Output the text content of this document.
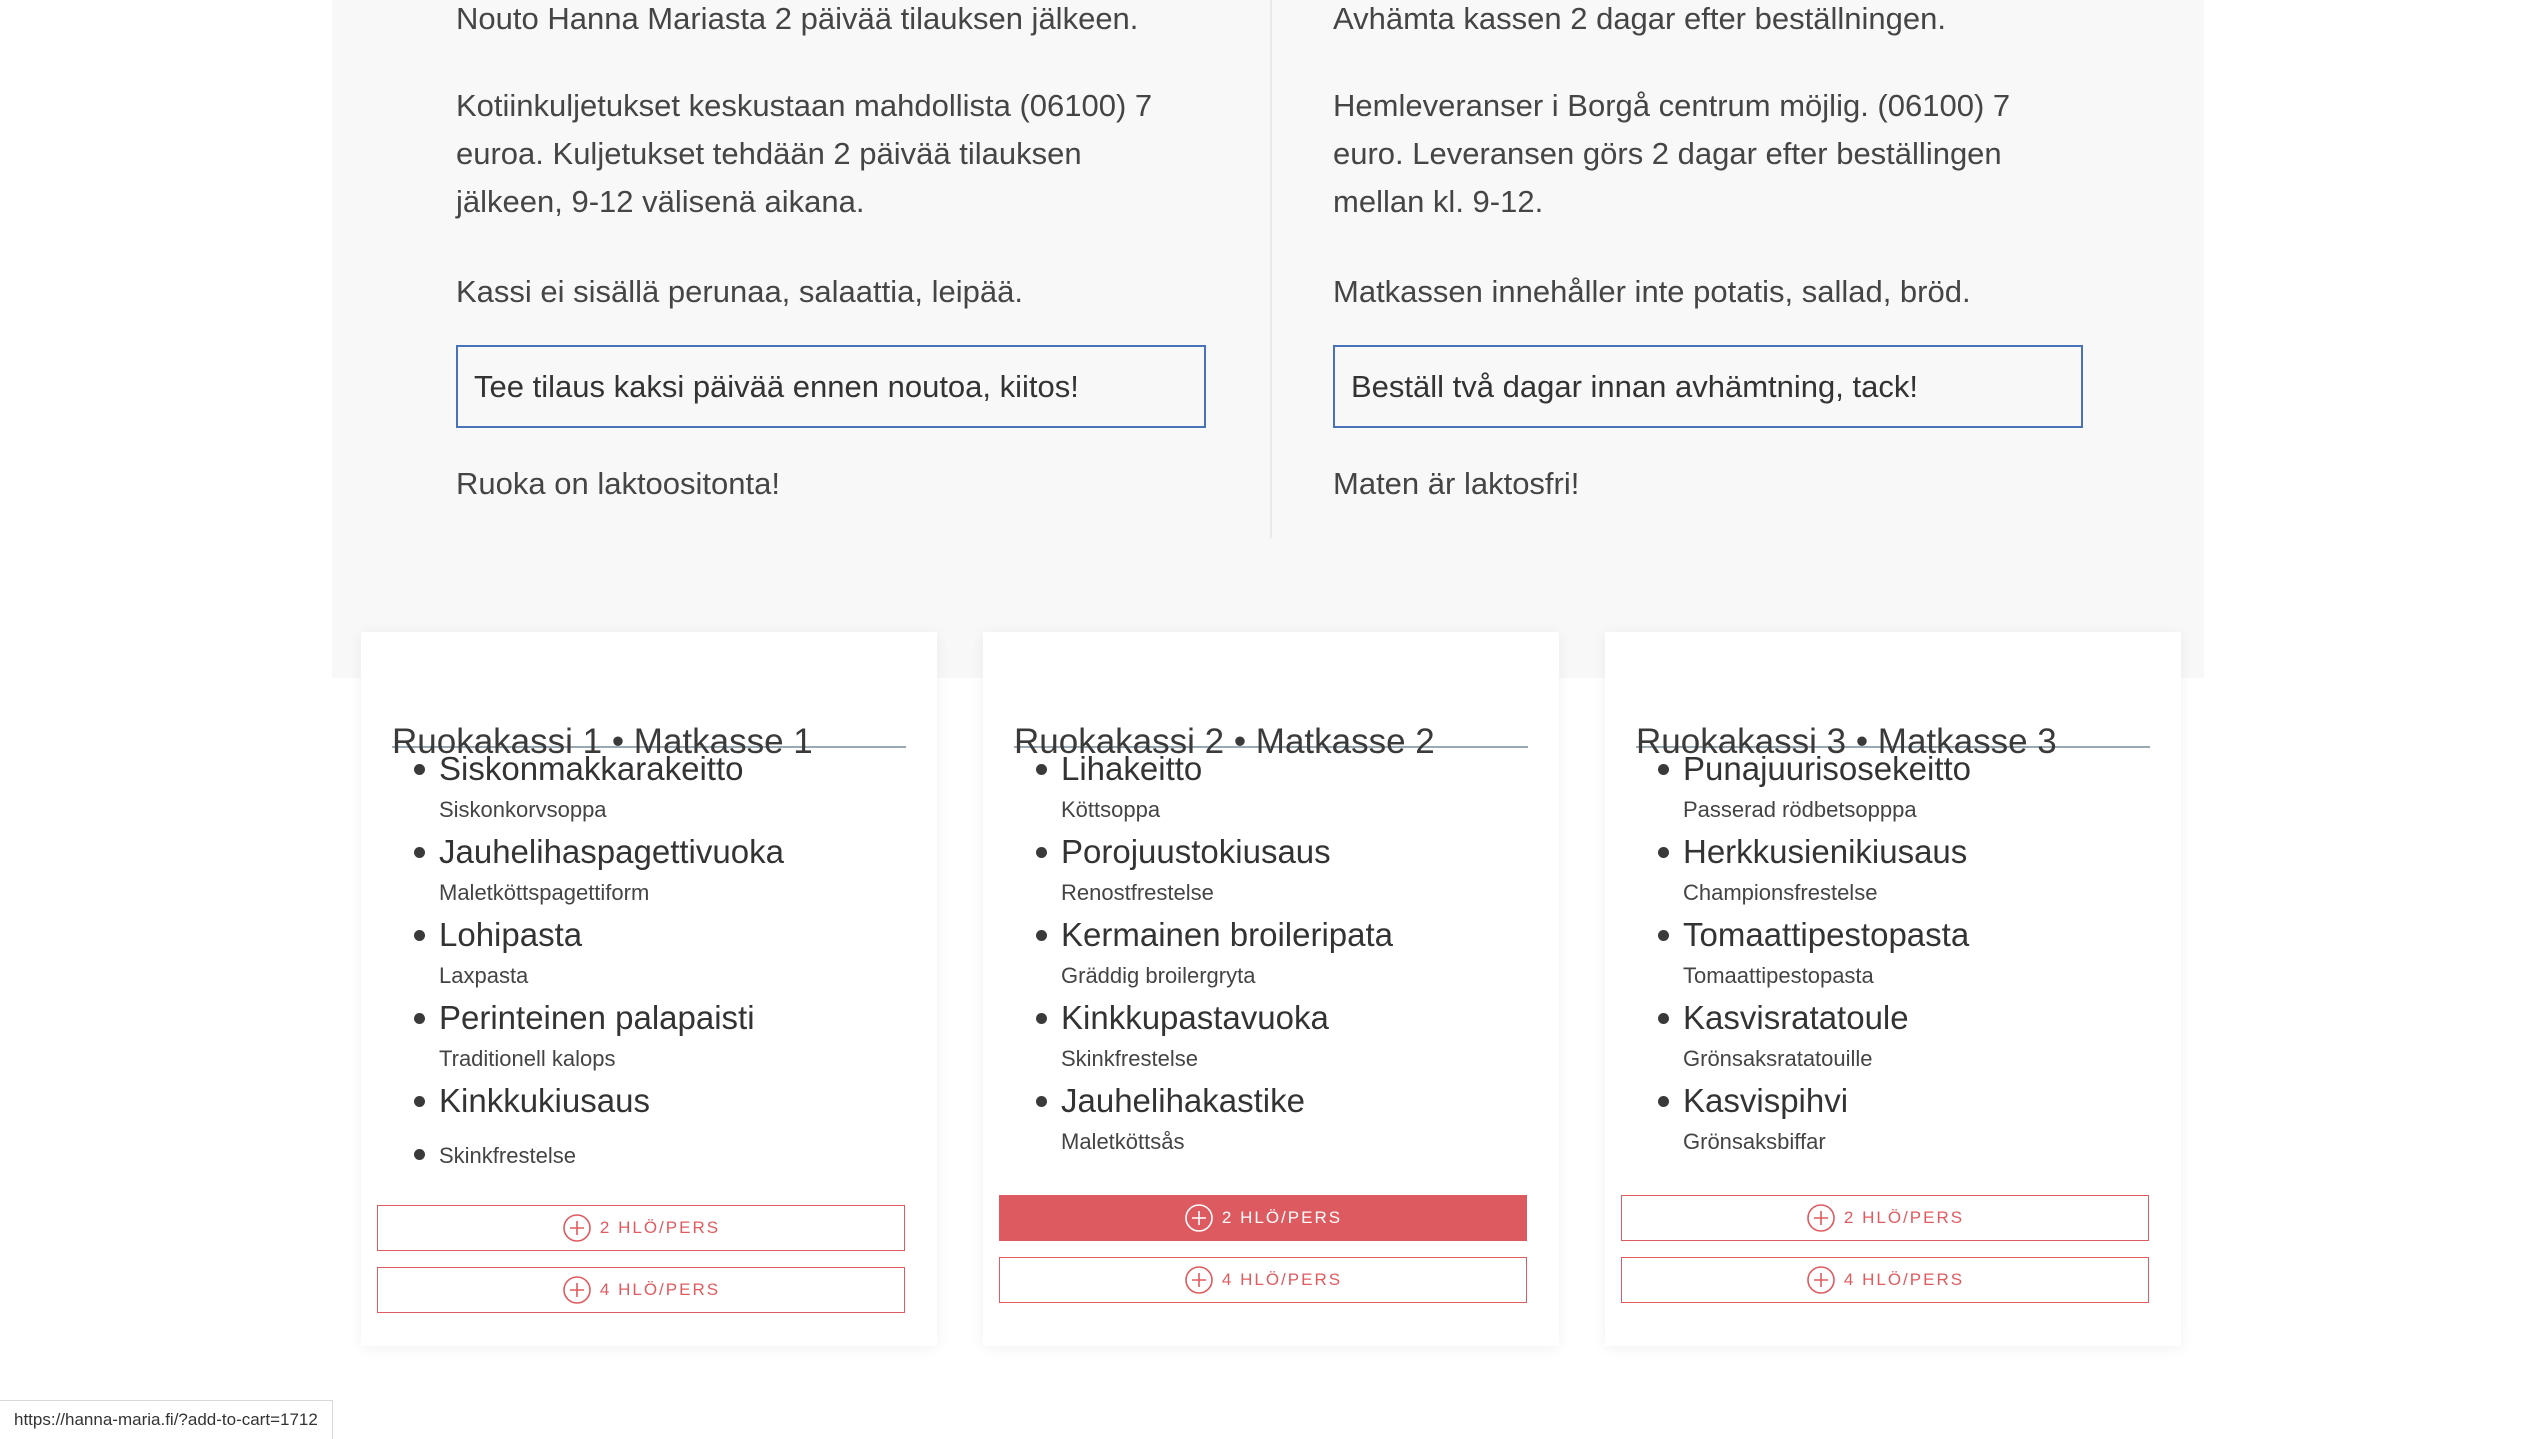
Nouto Hanna Mariasta 2 päivää tilauksen jälkeen.

Kotiinkuljetukset keskustaan mahdollista (06100) 7

euroa. Kuljetukset tehdään 2 päivää tilauksen

jälkeen, 9-12 välisenä aikana.

Kassi ei sisällä perunaa, salaattia, leipää.

Tee tilaus kaksi päivää ennen noutoa, kiitos!

Ruoka on laktoositonta!

Avhämta kassen 2 dagar efter beställningen.

Hemleveranser i Borgå centrum möjlig. (06100) 7

euro. Leveransen görs 2 dagar efter beställingen

mellan kl. 9-12.

Matkassen innehåller inte potatis, sallad, bröd.

Beställ två dagar innan avhämtning, tack!

Maten är laktosfri!

Ruokakassi 1 • Matkasse 1
Siskonmakkarakeitto
Siskonkorvsoppa
Jauhelihaspagettivuoka
Maletköttspagettiform
Lohipasta
Laxpasta
Perinteinen palapaisti
Traditionell kalops
Kinkkukiusaus
Skinkfrestelse
2 HLÖ/PERS
4 HLÖ/PERS
Ruokakassi 2 • Matkasse 2
Lihakeitto
Köttsoppa
Porojuustokiusaus
Renostfrestelse
Kermainen broileripata
Gräddig broilergryta
Kinkkupastavuoka
Skinkfrestelse
Jauhelihakastike
Maletköttsås
2 HLÖ/PERS
4 HLÖ/PERS
Ruokakassi 3 • Matkasse 3
Punajuurisosekeitto
Passerad rödbetsopppa
Herkkusienikiusaus
Championsfrestelse
Tomaattipestopasta
Tomaattipestopasta
Kasvisratatoule
Grönsaksratatouille
Kasvispihvi
Grönsaksbiffar
2 HLÖ/PERS
4 HLÖ/PERS
https://hanna-maria.fi/?add-to-cart=1712
